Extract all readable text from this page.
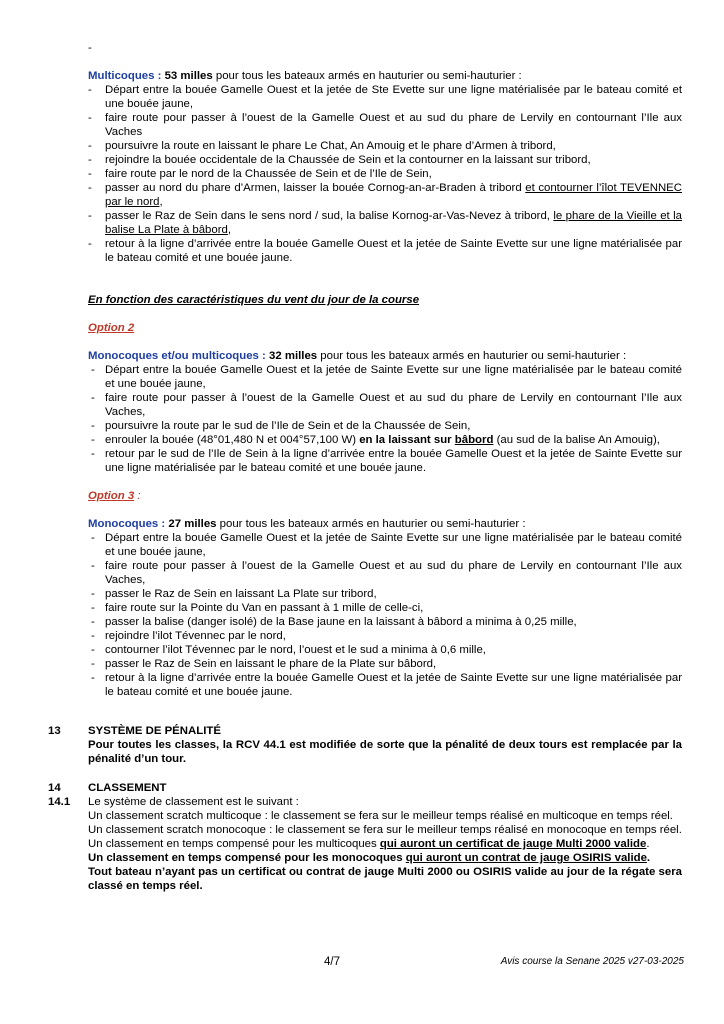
-

Multicoques : 53 milles pour tous les bateaux armés en hauturier ou semi-hauturier :

- Départ entre la bouée Gamelle Ouest et la jetée de Ste Evette sur une ligne matérialisée par le bateau comité et une bouée jaune,
- faire route pour passer à l’ouest de la Gamelle Ouest et au sud du phare de Lervily en contournant l’Ile aux Vaches
- poursuivre la route en laissant le phare Le Chat, An Amouig et le phare d’Armen à tribord,
- rejoindre la bouée occidentale de la Chaussée de Sein et la contourner en la laissant sur tribord,
- faire route par le nord de la Chaussée de Sein et de l’Ile de Sein,
- passer au nord du phare d’Armen, laisser la bouée Cornog-an-ar-Braden à tribord et contourner l’îlot TEVENNEC par le nord,
- passer le Raz de Sein dans le sens nord / sud, la balise Kornog-ar-Vas-Nevez à tribord, le phare de la Vieille et la balise La Plate à bâbord,
- retour à la ligne d’arrivée entre la bouée Gamelle Ouest et la jetée de Sainte Evette sur une ligne matérialisée par le bateau comité et une bouée jaune.

En fonction des caractéristiques du vent du jour de la course

Option 2

Monocoques et/ou multicoques : 32 milles pour tous les bateaux armés en hauturier ou semi-hauturier :

- Départ entre la bouée Gamelle Ouest et la jetée de Sainte Evette sur une ligne matérialisée par le bateau comité et une bouée jaune,
- faire route pour passer à l’ouest de la Gamelle Ouest et au sud du phare de Lervily en contournant l’Ile aux Vaches,
- poursuivre la route par le sud de l’Ile de Sein et de la Chaussée de Sein,
- enrouler la bouée (48°01,480 N et 004°57,100 W) en la laissant sur bâbord (au sud de la balise An Amouig),
- retour par le sud de l’Ile de Sein à la ligne d’arrivée entre la bouée Gamelle Ouest et la jetée de Sainte Evette sur une ligne matérialisée par le bateau comité et une bouée jaune.

Option 3 :

Monocoques : 27 milles pour tous les bateaux armés en hauturier ou semi-hauturier :

- Départ entre la bouée Gamelle Ouest et la jetée de Sainte Evette sur une ligne matérialisée par le bateau comité et une bouée jaune,
- faire route pour passer à l’ouest de la Gamelle Ouest et au sud du phare de Lervily en contournant l’Ile aux Vaches,
- passer le Raz de Sein en laissant La Plate sur tribord,
- faire route sur la Pointe du Van en passant à 1 mille de celle-ci,
- passer la balise (danger isolé) de la Base jaune en la laissant à bâbord a minima à 0,25 mille,
- rejoindre l’ilot Tévennec par le nord,
- contourner l’ilot Tévennec par le nord, l’ouest et le sud a minima à 0,6 mille,
- passer le Raz de Sein en laissant le phare de la Plate sur bâbord,
- retour à la ligne d’arrivée entre la bouée Gamelle Ouest et la jetée de Sainte Evette sur une ligne matérialisée par le bateau comité et une bouée jaune.
13	SYSTÈME DE PÉNALITÉ

Pour toutes les classes, la RCV 44.1 est modifiée de sorte que la pénalité de deux tours est remplacée par la pénalité d’un tour.

14	CLASSEMENT

14.1	Le système de classement est le suivant :

Un classement scratch multicoque : le classement se fera sur le meilleur temps réalisé en multicoque en temps réel.

Un classement scratch monocoque : le classement se fera sur le meilleur temps réalisé en monocoque en temps réel.

Un classement en temps compensé pour les multicoques qui auront un certificat de jauge Multi 2000 valide.

Un classement en temps compensé pour les monocoques qui auront un contrat de jauge OSIRIS valide.

Tout bateau n’ayant pas un certificat ou contrat de jauge Multi 2000 ou OSIRIS valide au jour de la régate sera classé en temps réel.

4/7	Avis course la Senane 2025 v27-03-2025
